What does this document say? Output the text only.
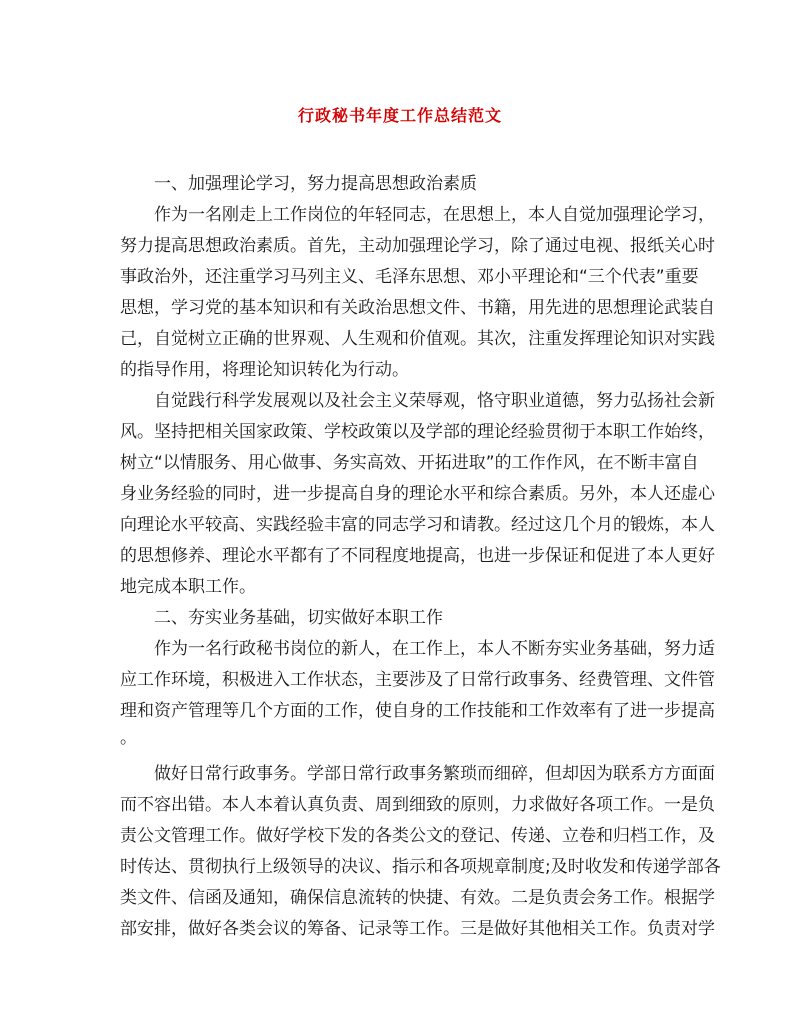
行政秘书年度工作总结范文
一、加强理论学习，努力提高思想政治素质
作为一名刚走上工作岗位的年轻同志，在思想上，本人自觉加强理论学习，
努力提高思想政治素质。首先，主动加强理论学习，除了通过电视、报纸关心时
事政治外，还注重学习马列主义、毛泽东思想、邓小平理论和“三个代表”重要
思想，学习党的基本知识和有关政治思想文件、书籍，用先进的思想理论武装自
己，自觉树立正确的世界观、人生观和价值观。其次，注重发挥理论知识对实践
的指导作用，将理论知识转化为行动。
自觉践行科学发展观以及社会主义荣辱观，恪守职业道德，努力弘扬社会新
风。坚持把相关国家政策、学校政策以及学部的理论经验贯彻于本职工作始终，
树立“以情服务、用心做事、务实高效、开拓进取”的工作作风，在不断丰富自
身业务经验的同时，进一步提高自身的理论水平和综合素质。另外，本人还虚心
向理论水平较高、实践经验丰富的同志学习和请教。经过这几个月的锻炼，本人
的思想修养、理论水平都有了不同程度地提高，也进一步保证和促进了本人更好
地完成本职工作。
二、夯实业务基础，切实做好本职工作
作为一名行政秘书岗位的新人，在工作上，本人不断夯实业务基础，努力适
应工作环境，积极进入工作状态，主要涉及了日常行政事务、经费管理、文件管
理和资产管理等几个方面的工作，使自身的工作技能和工作效率有了进一步提高
。
做好日常行政事务。学部日常行政事务繁琐而细碎，但却因为联系方方面面
而不容出错。本人本着认真负责、周到细致的原则，力求做好各项工作。一是负
责公文管理工作。做好学校下发的各类公文的登记、传递、立卷和归档工作，及
时传达、贯彻执行上级领导的决议、指示和各项规章制度;及时收发和传递学部各
类文件、信函及通知，确保信息流转的快捷、有效。二是负责会务工作。根据学
部安排，做好各类会议的筹备、记录等工作。三是做好其他相关工作。负责对学
